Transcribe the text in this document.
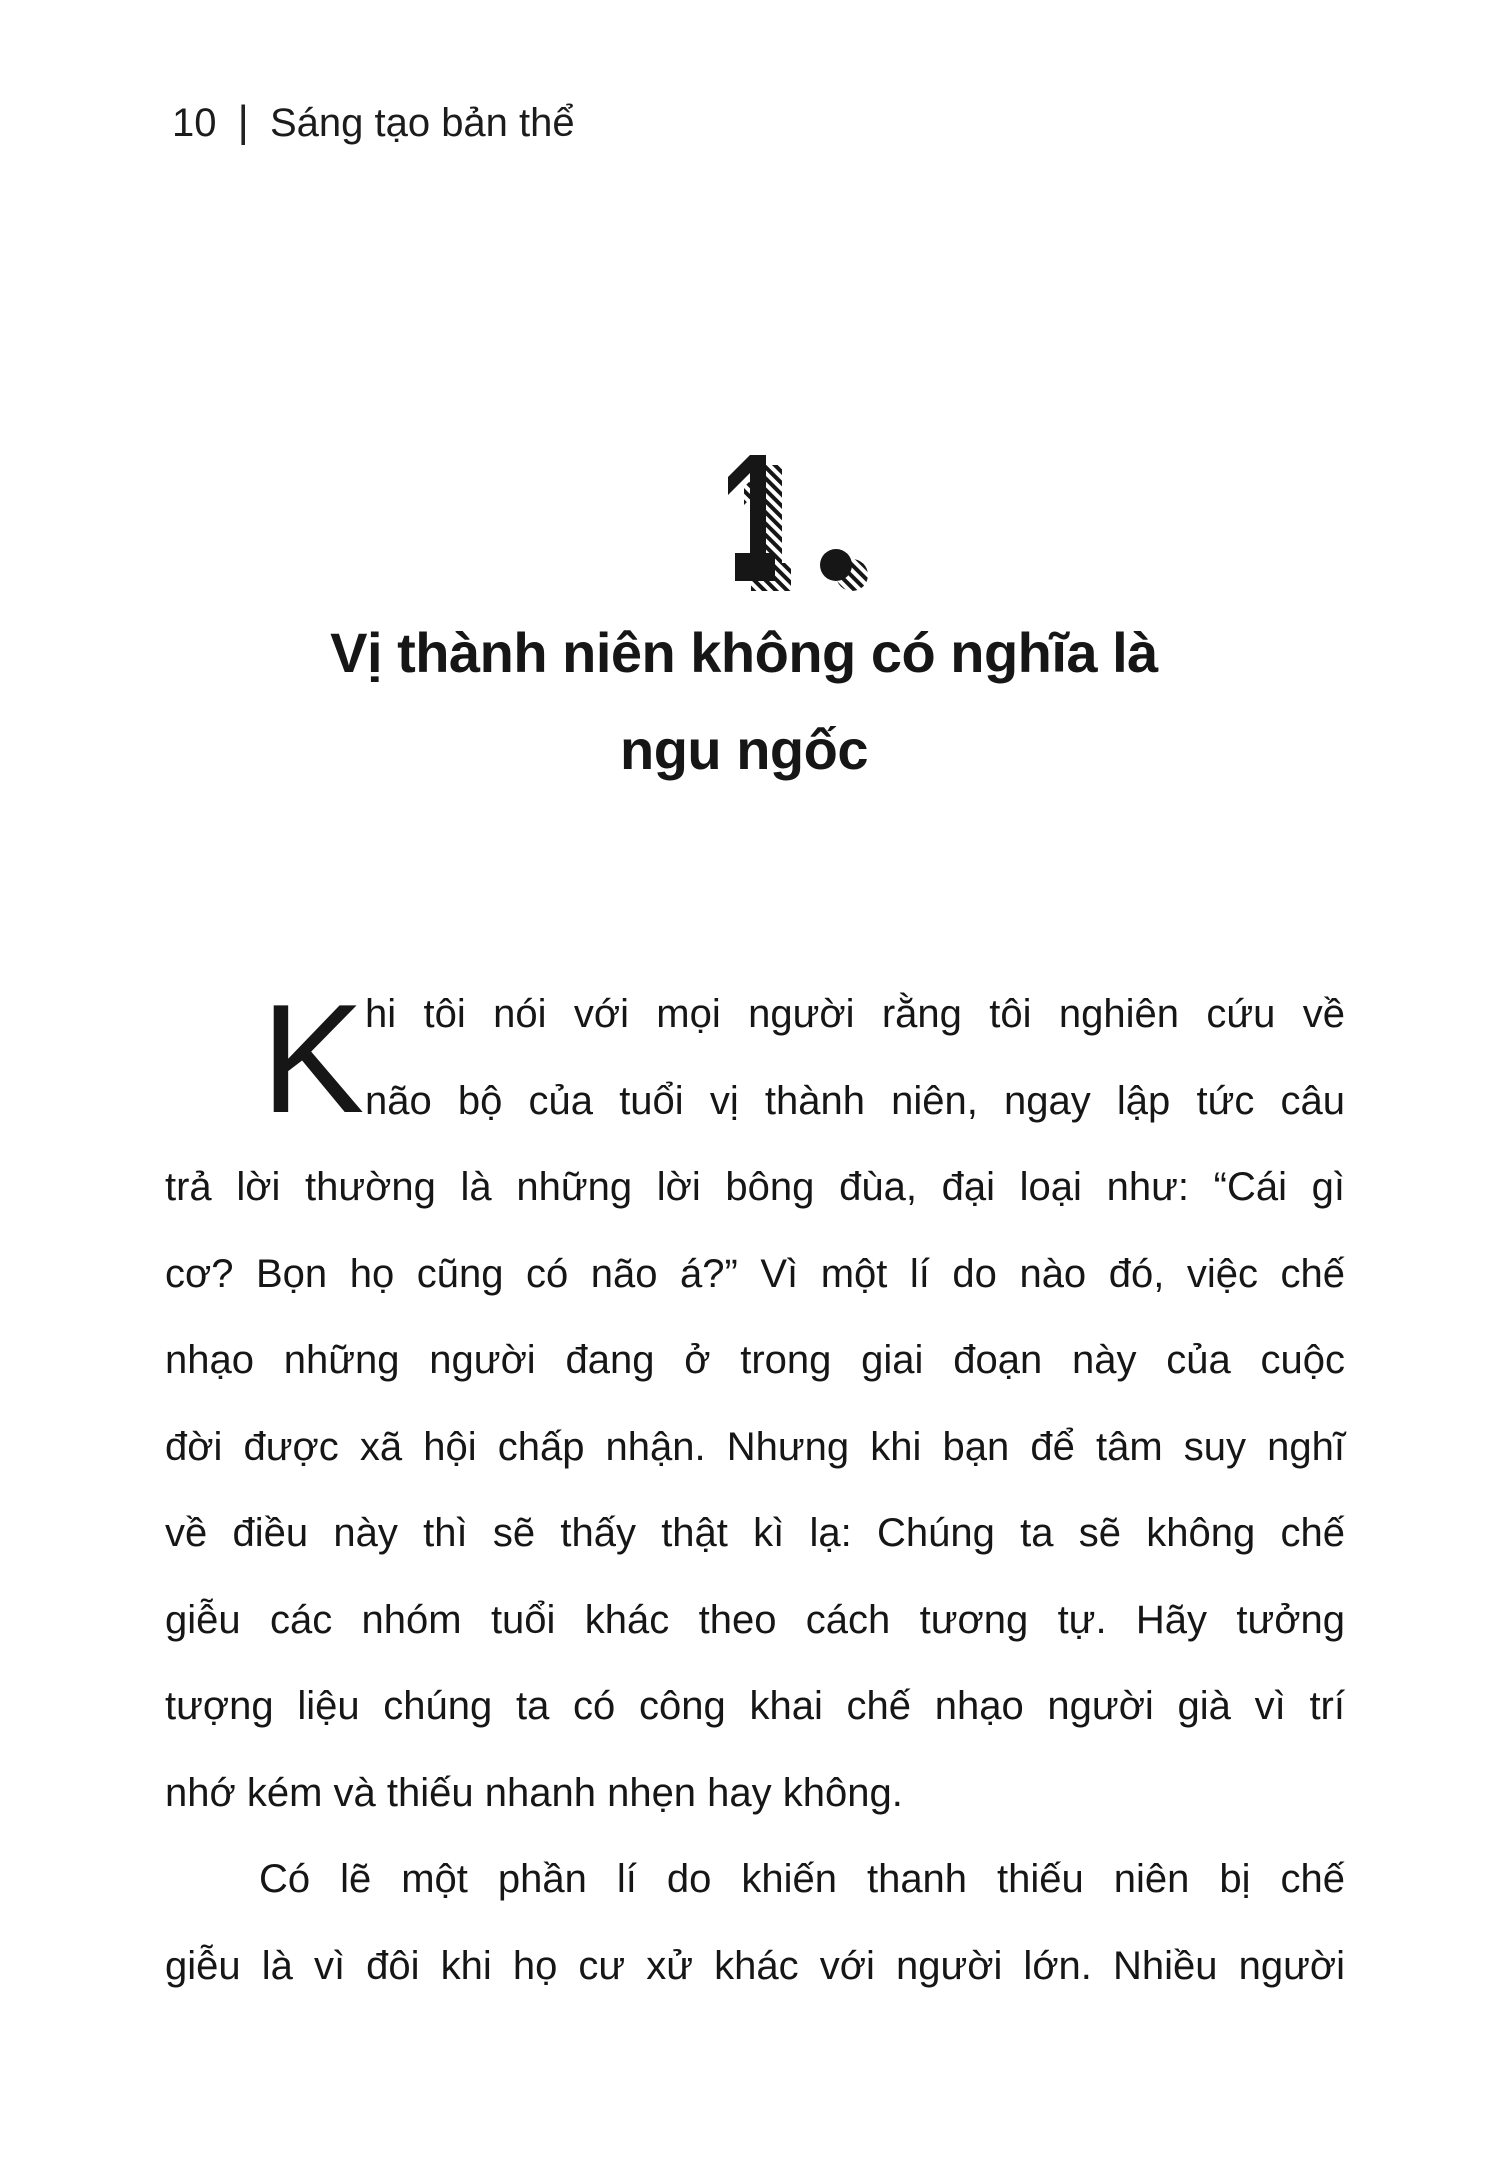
10 | Sáng tạo bản thể
Vị thành niên không có nghĩa là
ngu ngốc
K hi tôi nói với mọi người rằng tôi nghiên cứu về
não bộ của tuổi vị thành niên, ngay lập tức câu
trả lời thường là những lời bông đùa, đại loại như: “Cái gì
cơ? Bọn họ cũng có não á?” Vì một lí do nào đó, việc chế
nhạo những người đang ở trong giai đoạn này của cuộc
đời được xã hội chấp nhận. Nhưng khi bạn để tâm suy nghĩ
về điều này thì sẽ thấy thật kì lạ: Chúng ta sẽ không chế
giễu các nhóm tuổi khác theo cách tương tự. Hãy tưởng
tượng liệu chúng ta có công khai chế nhạo người già vì trí
nhớ kém và thiếu nhanh nhẹn hay không.
Có lẽ một phần lí do khiến thanh thiếu niên bị chế
giễu là vì đôi khi họ cư xử khác với người lớn. Nhiều người
